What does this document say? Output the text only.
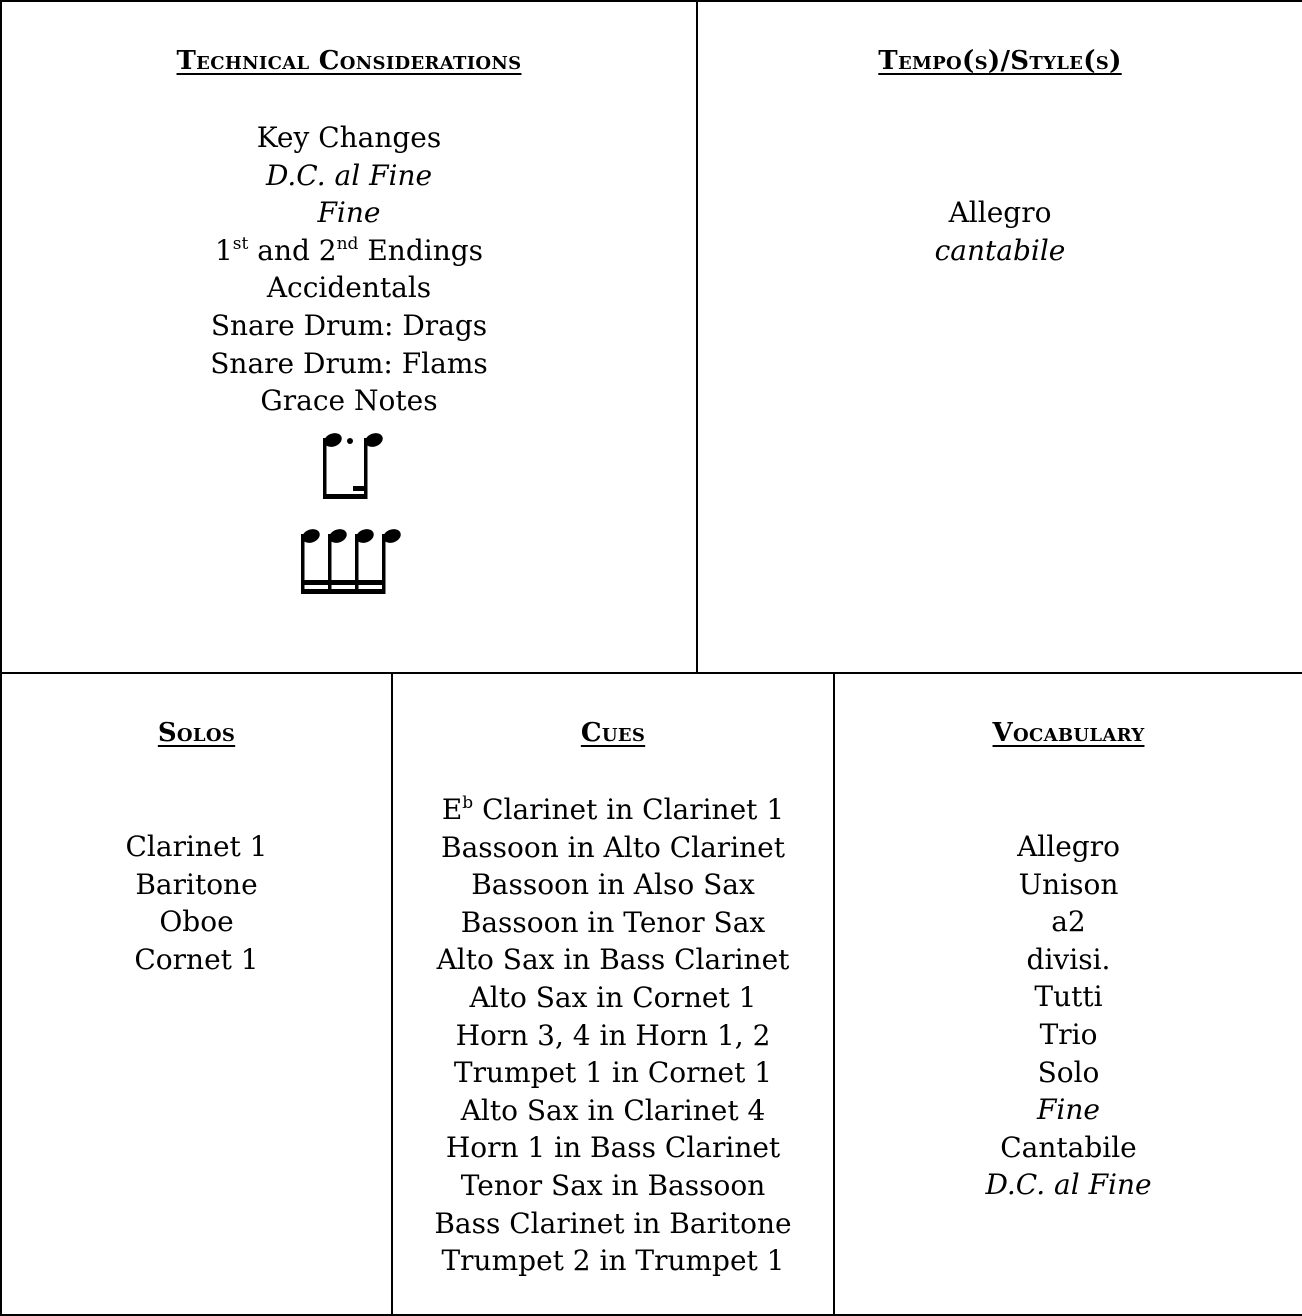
Technical Considerations
Key Changes
D.C. al Fine
Fine
1st and 2nd Endings
Accidentals
Snare Drum: Drags
Snare Drum: Flams
Grace Notes
Tempo(s)/Style(s)
Allegro
cantabile
Solos
Clarinet 1
Baritone
Oboe
Cornet 1
Cues
$E^b$ Clarinet in Clarinet 1
Bassoon in Alto Clarinet
Bassoon in Also Sax
Bassoon in Tenor Sax
Alto Sax in Bass Clarinet
Alto Sax in Cornet 1
Horn 3, 4 in Horn 1, 2
Trumpet 1 in Cornet 1
Alto Sax in Clarinet 4
Horn 1 in Bass Clarinet
Tenor Sax in Bassoon
Bass Clarinet in Baritone
Trumpet 2 in Trumpet 1
Vocabulary
Allegro
Unison
a2
divisi.
Tutti
Trio
Solo
Fine
Cantabile
D.C. al Fine
